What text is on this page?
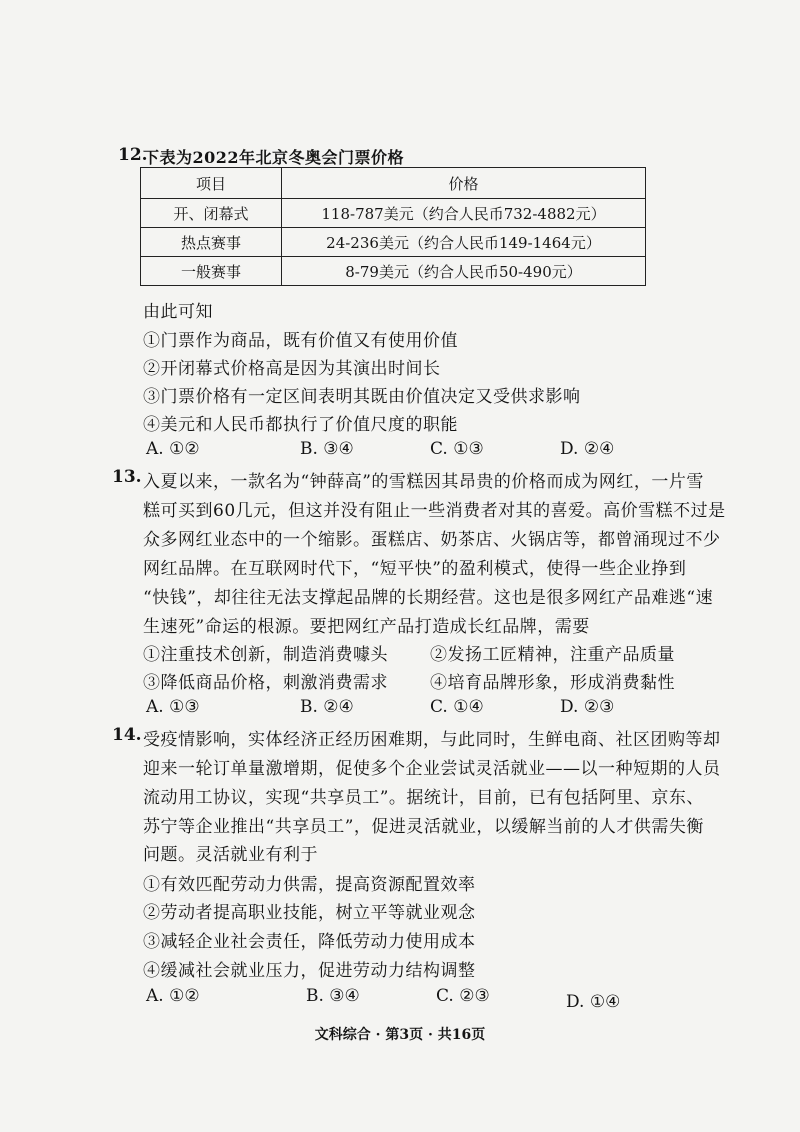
12.
下表为2022年北京冬奥会门票价格
项目	价格
开、闭幕式	118-787美元（约合人民币732-4882元）
热点赛事	24-236美元（约合人民币149-1464元）
一般赛事	8-79美元（约合人民币50-490元）
由此可知
①门票作为商品，既有价值又有使用价值
②开闭幕式价格高是因为其演出时间长
③门票价格有一定区间表明其既由价值决定又受供求影响
④美元和人民币都执行了价值尺度的职能
A. ①②	B. ③④	C. ①③	D. ②④
13. 入夏以来，一款名为“钟薛高”的雪糕因其昂贵的价格而成为网红，一片雪
糕可买到60几元，但这并没有阻止一些消费者对其的喜爱。高价雪糕不过是
众多网红业态中的一个缩影。蛋糕店、奶茶店、火锅店等，都曾涌现过不少
网红品牌。在互联网时代下，“短平快”的盈利模式，使得一些企业挣到
“快钱”，却往往无法支撑起品牌的长期经营。这也是很多网红产品难逃“速
生速死”命运的根源。要把网红产品打造成长红品牌，需要
①注重技术创新，制造消费噱头 ②发扬工匠精神，注重产品质量
③降低商品价格，刺激消费需求 ④培育品牌形象，形成消费黏性
A. ①③	B. ②④	C. ①④	D. ②③
14. 受疫情影响，实体经济正经历困难期，与此同时，生鲜电商、社区团购等却
迎来一轮订单量激增期，促使多个企业尝试灵活就业——以一种短期的人员
流动用工协议，实现“共享员工”。据统计，目前，已有包括阿里、京东、
苏宁等企业推出“共享员工”，促进灵活就业，以缓解当前的人才供需失衡
问题。灵活就业有利于
①有效匹配劳动力供需，提高资源配置效率
②劳动者提高职业技能，树立平等就业观念
③减轻企业社会责任，降低劳动力使用成本
④缓减社会就业压力，促进劳动力结构调整
A. ①②	B. ③④	C. ②③	D. ①④
文科综合 · 第3页 · 共16页
